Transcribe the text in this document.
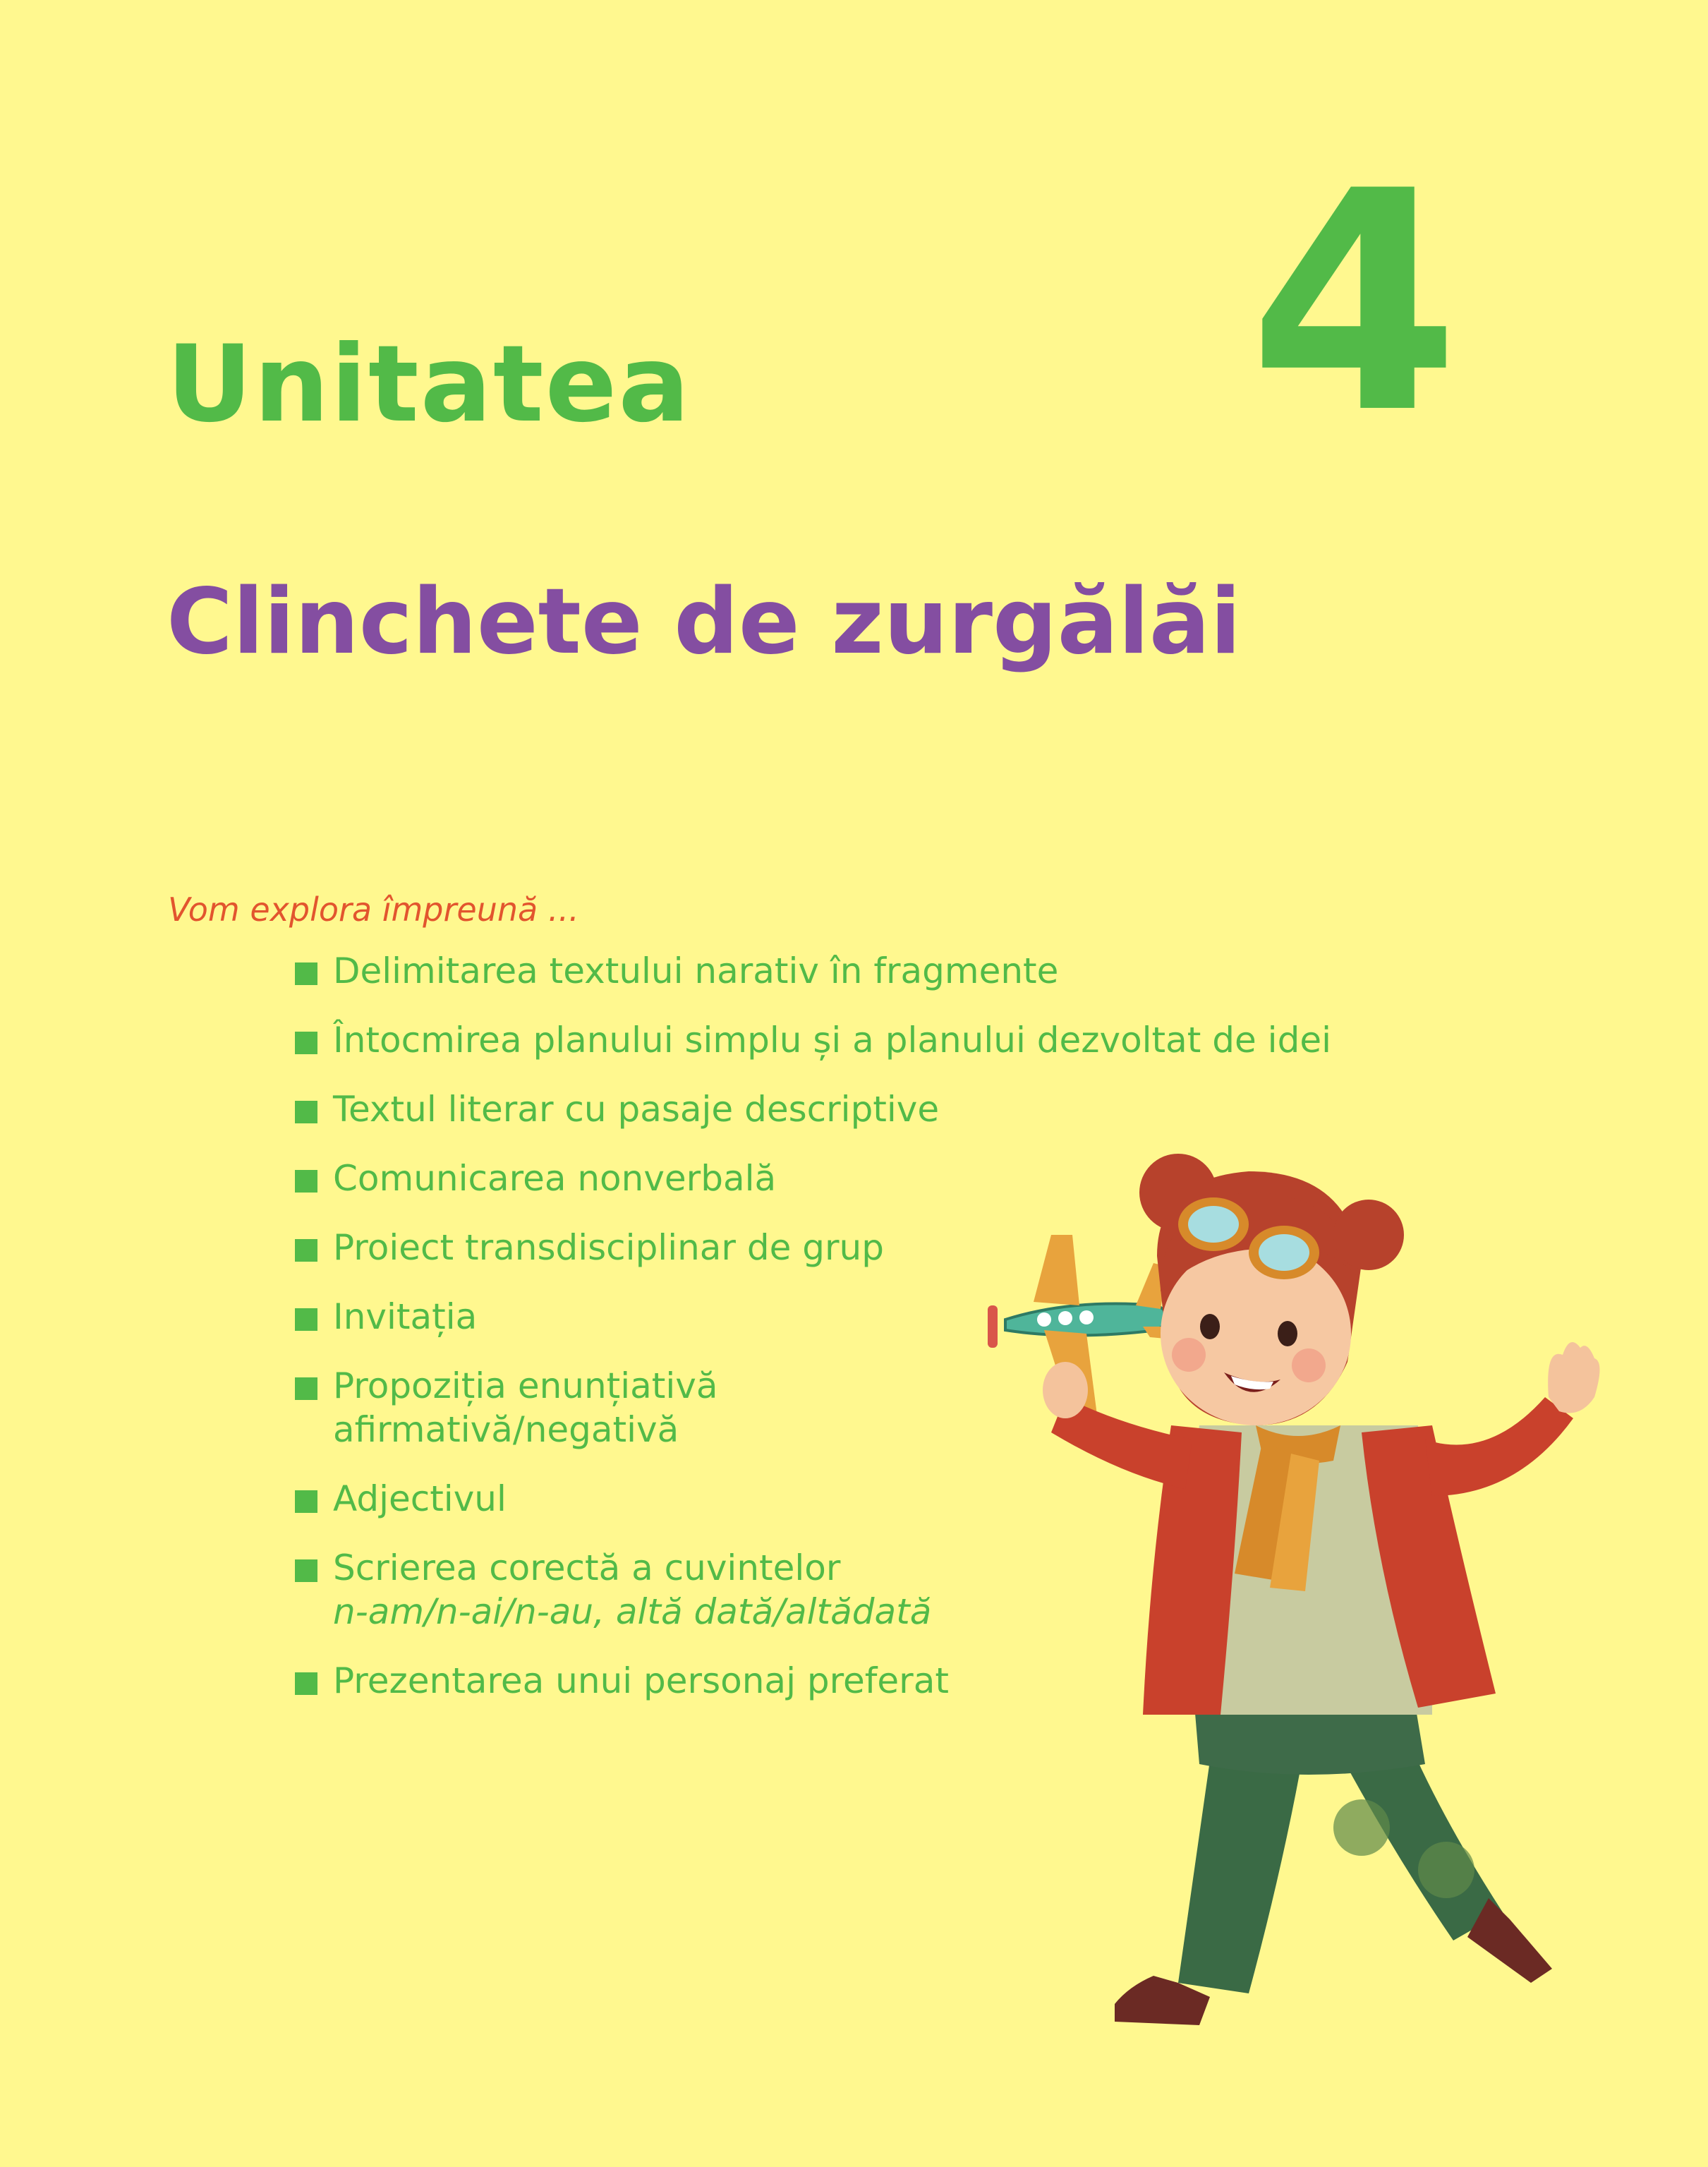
Unitatea 4
Clinchete de zurgălăi
Vom explora împreună ...
Delimitarea textului narativ în fragmente
Întocmirea planului simplu și a planului dezvoltat de idei
Textul literar cu pasaje descriptive
Comunicarea nonverbală
Proiect transdisciplinar de grup
Invitația
Propoziția enunțiativă
afirmativă/negativă
Adjectivul
Scrierea corectă a cuvintelor
n-am/n-ai/n-au, altă dată/altădată
Prezentarea unui personaj preferat
